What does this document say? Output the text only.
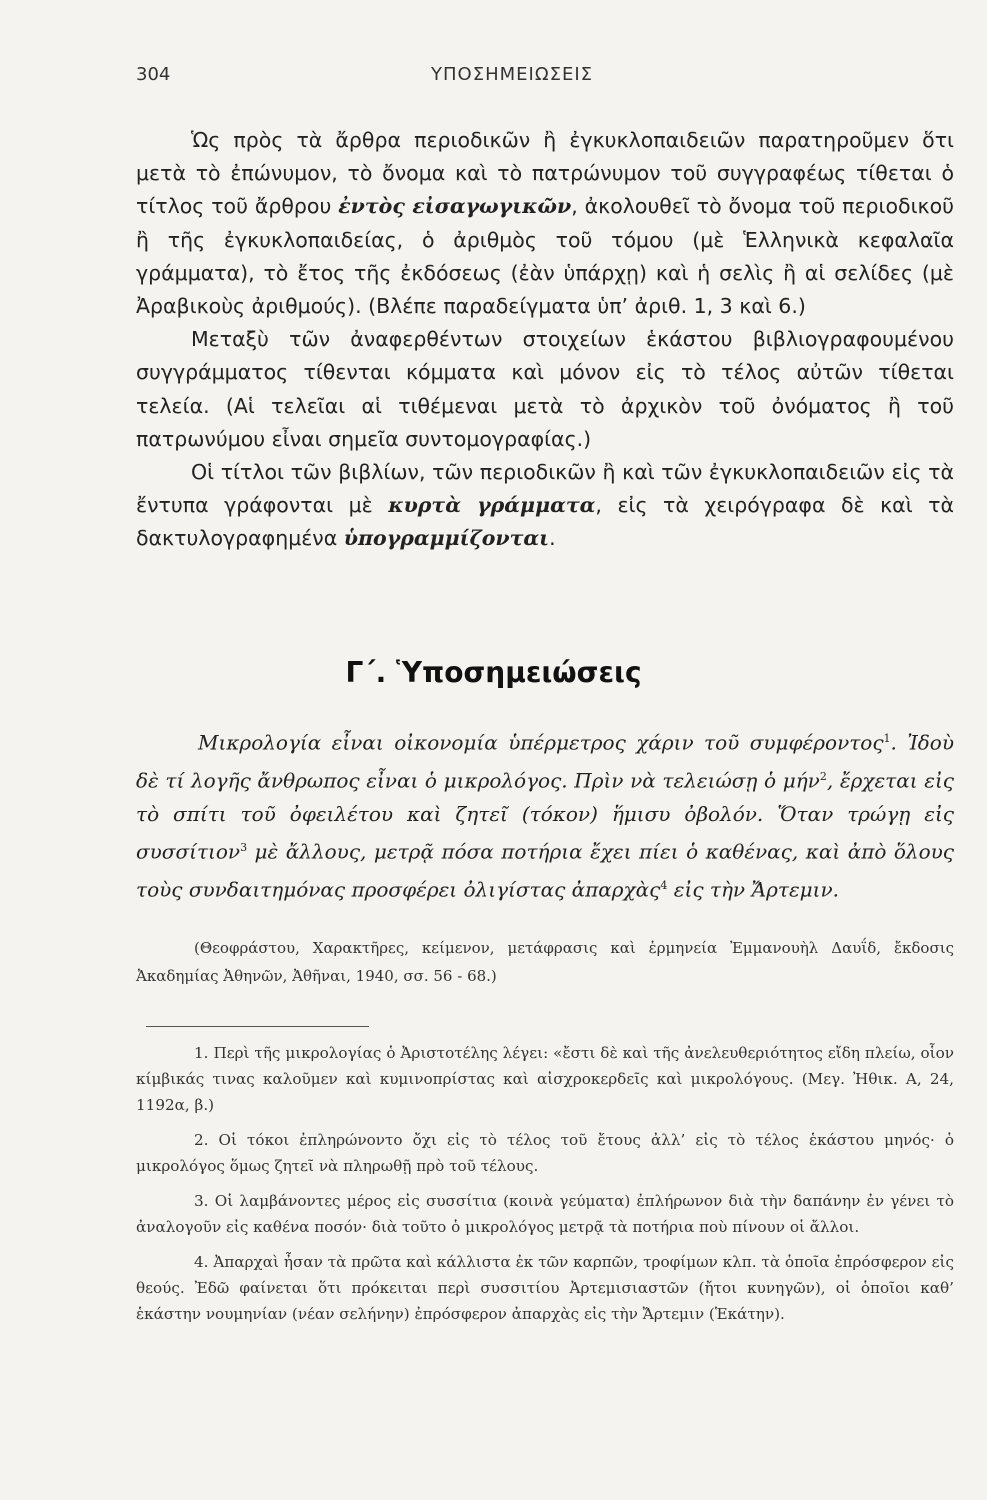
304	ΥΠΟΣΗΜΕΙΩΣΕΙΣ

Ὡς πρὸς τὰ ἄρθρα περιοδικῶν ἢ ἐγκυκλοπαιδειῶν παρατηροῦμεν ὅτι μετὰ τὸ ἐπώνυμον, τὸ ὄνομα καὶ τὸ πατρώνυμον τοῦ συγγραφέως τίθεται ὁ τίτλος τοῦ ἄρθρου ἐντὸς εἰσαγωγικῶν, ἀκολουθεῖ τὸ ὄνομα τοῦ περιοδικοῦ ἢ τῆς ἐγκυκλοπαιδείας, ὁ ἀριθμὸς τοῦ τόμου (μὲ Ἑλληνικὰ κεφαλαῖα γράμματα), τὸ ἔτος τῆς ἐκδόσεως (ἐὰν ὑπάρχῃ) καὶ ἡ σελὶς ἢ αἱ σελίδες (μὲ Ἀραβικοὺς ἀριθμούς). (Βλέπε παραδείγματα ὑπ’ ἀριθ. 1, 3 καὶ 6.)

Μεταξὺ τῶν ἀναφερθέντων στοιχείων ἑκάστου βιβλιογραφουμένου συγγράμματος τίθενται κόμματα καὶ μόνον εἰς τὸ τέλος αὐτῶν τίθεται τελεία. (Αἱ τελεῖαι αἱ τιθέμεναι μετὰ τὸ ἀρχικὸν τοῦ ὀνόματος ἢ τοῦ πατρωνύμου εἶναι σημεῖα συντομογραφίας.)

Οἱ τίτλοι τῶν βιβλίων, τῶν περιοδικῶν ἢ καὶ τῶν ἐγκυκλοπαιδειῶν εἰς τὰ ἔντυπα γράφονται μὲ κυρτὰ γράμματα, εἰς τὰ χειρόγραφα δὲ καὶ τὰ δακτυλογραφημένα ὑπογραμμίζονται.

Γ΄. Ὑποσημειώσεις
Μικρολογία εἶναι οἰκονομία ὑπέρμετρος χάριν τοῦ συμφέροντος$^1$. Ἰδοὺ δὲ τί λογῆς ἄνθρωπος εἶναι ὁ μικρολόγος. Πρὶν νὰ τελειώσῃ ὁ μήν$^2$, ἔρχεται εἰς τὸ σπίτι τοῦ ὀφειλέτου καὶ ζητεῖ (τόκον) ἥμισυ ὀβολόν. Ὅταν τρώγῃ εἰς συσσίτιον$^3$ μὲ ἄλλους, μετρᾷ πόσα ποτήρια ἔχει πίει ὁ καθένας, καὶ ἀπὸ ὅλους τοὺς συνδαιτημόνας προσφέρει ὀλιγίστας ἀπαρχὰς$^4$ εἰς τὴν Ἄρτεμιν.
(Θεοφράστου, Χαρακτῆρες, κείμενον, μετάφρασις καὶ ἑρμηνεία Ἐμμανουὴλ Δαυΐδ, ἔκδοσις Ἀκαδημίας Ἀθηνῶν, Ἀθῆναι, 1940, σσ. 56 - 68.)

1. Περὶ τῆς μικρολογίας ὁ Ἀριστοτέλης λέγει: «ἔστι δὲ καὶ τῆς ἀνελευθεριότητος εἴδη πλείω, οἷον κίμβικάς τινας καλοῦμεν καὶ κυμινοπρίστας καὶ αἰσχροκερδεῖς καὶ μικρολόγους. (Μεγ. Ἠθικ. Α, 24, 1192α, β.)

2. Οἱ τόκοι ἐπληρώνοντο ὄχι εἰς τὸ τέλος τοῦ ἔτους ἀλλ’ εἰς τὸ τέλος ἑκάστου μηνός· ὁ μικρολόγος ὅμως ζητεῖ νὰ πληρωθῇ πρὸ τοῦ τέλους.

3. Οἱ λαμβάνοντες μέρος εἰς συσσίτια (κοινὰ γεύματα) ἐπλήρωνον διὰ τὴν δαπάνην ἐν γένει τὸ ἀναλογοῦν εἰς καθένα ποσόν· διὰ τοῦτο ὁ μικρολόγος μετρᾷ τὰ ποτήρια ποὺ πίνουν οἱ ἄλλοι.

4. Ἀπαρχαὶ ἦσαν τὰ πρῶτα καὶ κάλλιστα ἐκ τῶν καρπῶν, τροφίμων κλπ. τὰ ὁποῖα ἐπρόσφερον εἰς θεούς. Ἐδῶ φαίνεται ὅτι πρόκειται περὶ συσσιτίου Ἀρτεμισιαστῶν (ἤτοι κυνηγῶν), οἱ ὁποῖοι καθ’ ἑκάστην νουμηνίαν (νέαν σελήνην) ἐπρόσφερον ἀπαρχὰς εἰς τὴν Ἄρτεμιν (Ἑκάτην).
